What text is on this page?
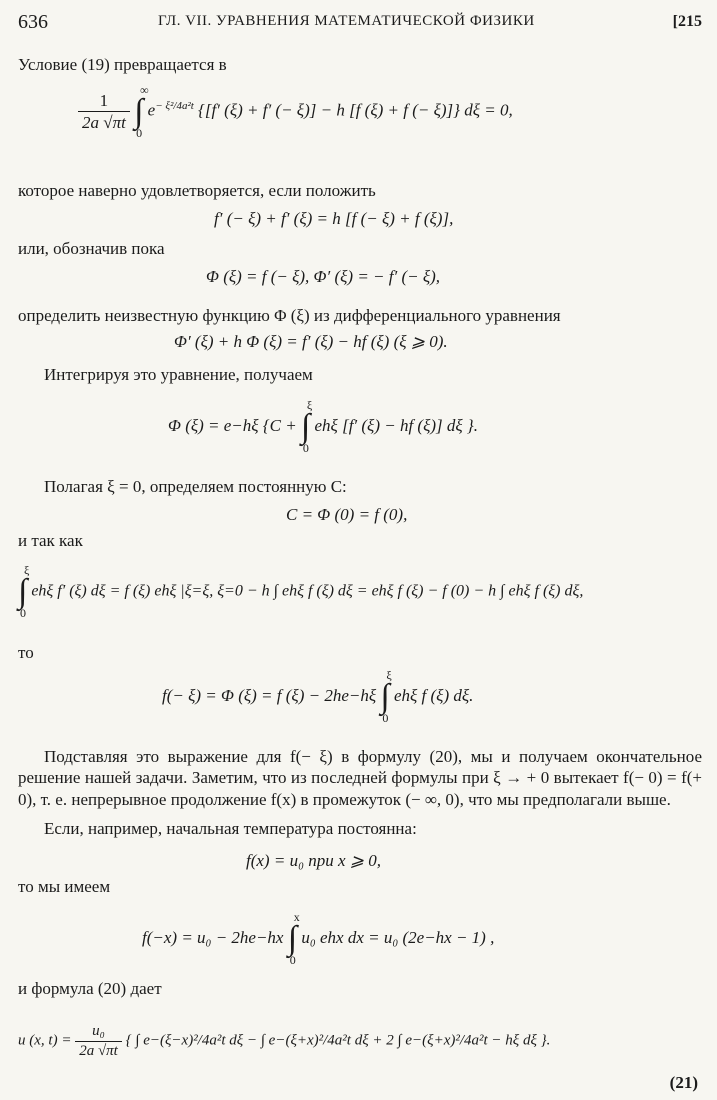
636	ГЛ. VII. УРАВНЕНИЯ МАТЕМАТИЧЕСКОЙ ФИЗИКИ	[215
Условие (19) превращается в
$\frac{1}{2a √\pi t}$

∞
∫
0
$e^{- \xi^2/4a^2t}$ {[f′ (ξ) + f′ (− ξ)] − h [f (ξ) + f (− ξ)]} dξ = 0,
которое наверно удовлетворяется, если положить
f′ (− ξ) + f′ (ξ) = h [f (− ξ) + f (ξ)],
или, обозначив пока
Φ (ξ) = f (− ξ), Φ′ (ξ) = − f′ (− ξ),
определить неизвестную функцию Φ (ξ) из дифференциального уравнения
Φ′ (ξ) + h Φ (ξ) = f′ (ξ) − hf (ξ) (ξ ⩾ 0).
Интегрируя это уравнение, получаем
Φ (ξ) = e−hξ {C +
ξ
∫
0
ehξ [f′ (ξ) − hf (ξ)] dξ }.
Полагая ξ = 0, определяем постоянную C:
C = Φ (0) = f (0),
и так как
ξ
∫
0
ehξ f′ (ξ) dξ = f (ξ) ehξ |ξ=ξ, ξ=0 − h ∫ ehξ f (ξ) dξ = ehξ f (ξ) − f (0) − h ∫ ehξ f (ξ) dξ,
то
f(− ξ) = Φ (ξ) = f (ξ) − 2he−hξ
ξ
∫
0
ehξ f (ξ) dξ.
Подставляя это выражение для f(− ξ) в формулу (20), мы и получаем окончательное решение нашей задачи. Заметим, что из последней формулы при ξ → + 0 вытекает f(− 0) = f(+ 0), т. е. непрерывное продолжение f(x) в промежуток (− ∞, 0), что мы предполагали выше.
Если, например, начальная температура постоянна:
f(x) = u₀ при x ⩾ 0,
то мы имеем
f(−x) = u₀ − 2he−hx
x
∫
0
u₀ ehx dx = u₀ (2e−hx − 1) ,
и формула (20) дает
u (x, $t) = \frac{\text{u₀}}{2a √\pi t}$ { ∫ e−(ξ−x)²/4a²t dξ − ∫ e−(ξ+x)²/4a²t dξ + 2 ∫ e−(ξ+x)²/4a²t − hξ dξ }.
(21)
